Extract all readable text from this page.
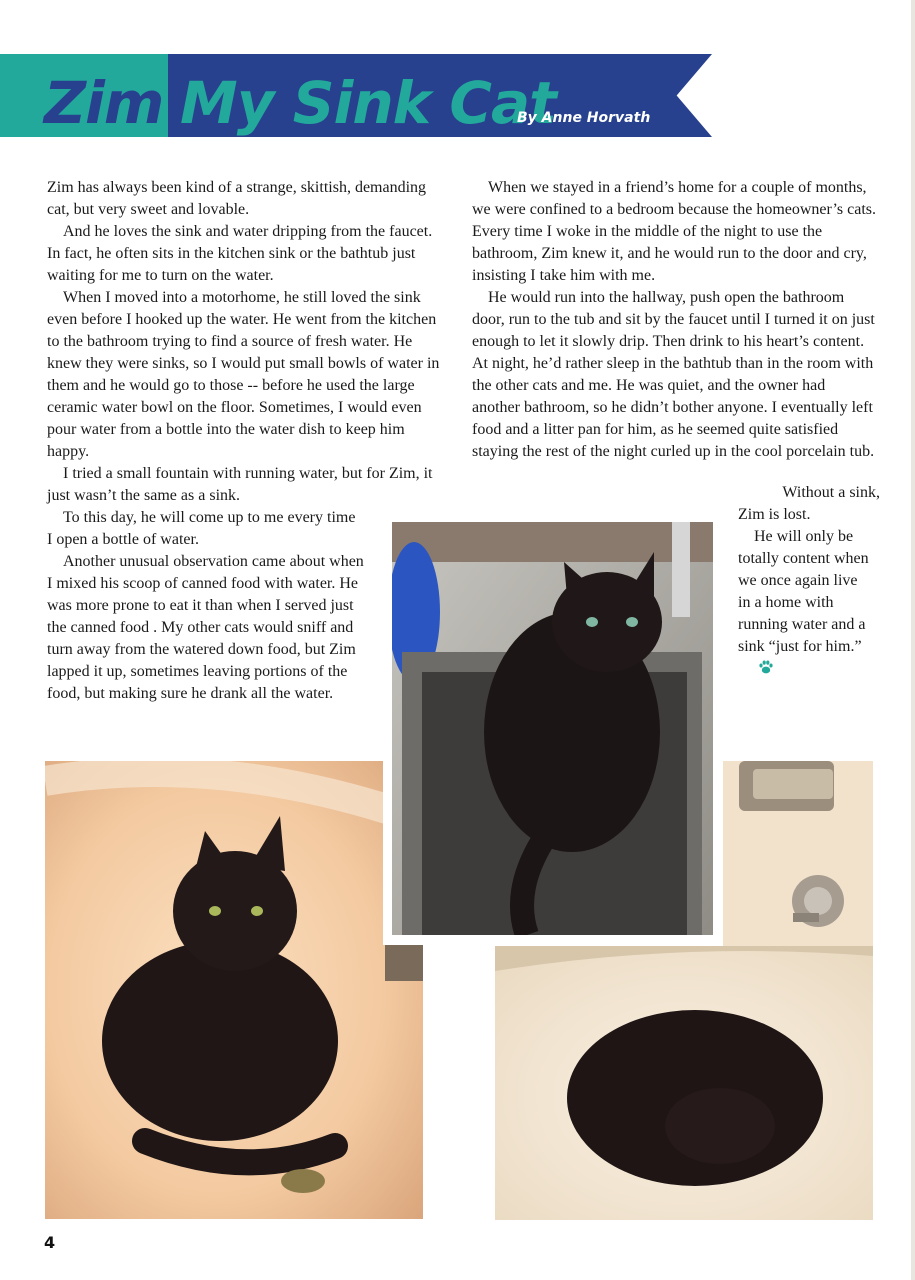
Zim My Sink Cat
By Anne Horvath

Zim has always been kind of a strange, skittish, demanding cat, but very sweet and lovable.

And he loves the sink and water dripping from the faucet. In fact, he often sits in the kitchen sink or the bathtub just waiting for me to turn on the water.

When I moved into a motorhome, he still loved the sink even before I hooked up the water. He went from the kitchen to the bathroom trying to find a source of fresh water. He knew they were sinks, so I would put small bowls of water in them and he would go to those -- before he used the large ceramic water bowl on the floor. Sometimes, I would even pour water from a bottle into the water dish to keep him happy.

I tried a small fountain with running water, but for Zim, it just wasn’t the same as a sink.

To this day, he will come up to me every time I open a bottle of water.

Another unusual observation came about when I mixed his scoop of canned food with water. He was more prone to eat it than when I served just the canned food . My other cats would sniff and turn away from the watered down food, but Zim lapped it up, sometimes leaving portions of the food, but making sure he drank all the water.

When we stayed in a friend’s home for a couple of months, we were confined to a bedroom because the homeowner’s cats. Every time I woke in the middle of the night to use the bathroom, Zim knew it, and he would run to the door and cry, insisting I take him with me.

He would run into the hallway, push open the bathroom door, run to the tub and sit by the faucet until I turned it on just enough to let it slowly drip. Then drink to his heart’s content. At night, he’d rather sleep in the bathtub than in the room with the other cats and me. He was quiet, and the owner had another bathroom, so he didn’t bother anyone. I eventually left food and a litter pan for him, as he seemed quite satisfied staying the rest of the night curled up in the cool porcelain tub.

Without a sink,

Zim is lost.

He will only be totally content when we once again live in a home with running water and a sink “just for him.”

4
